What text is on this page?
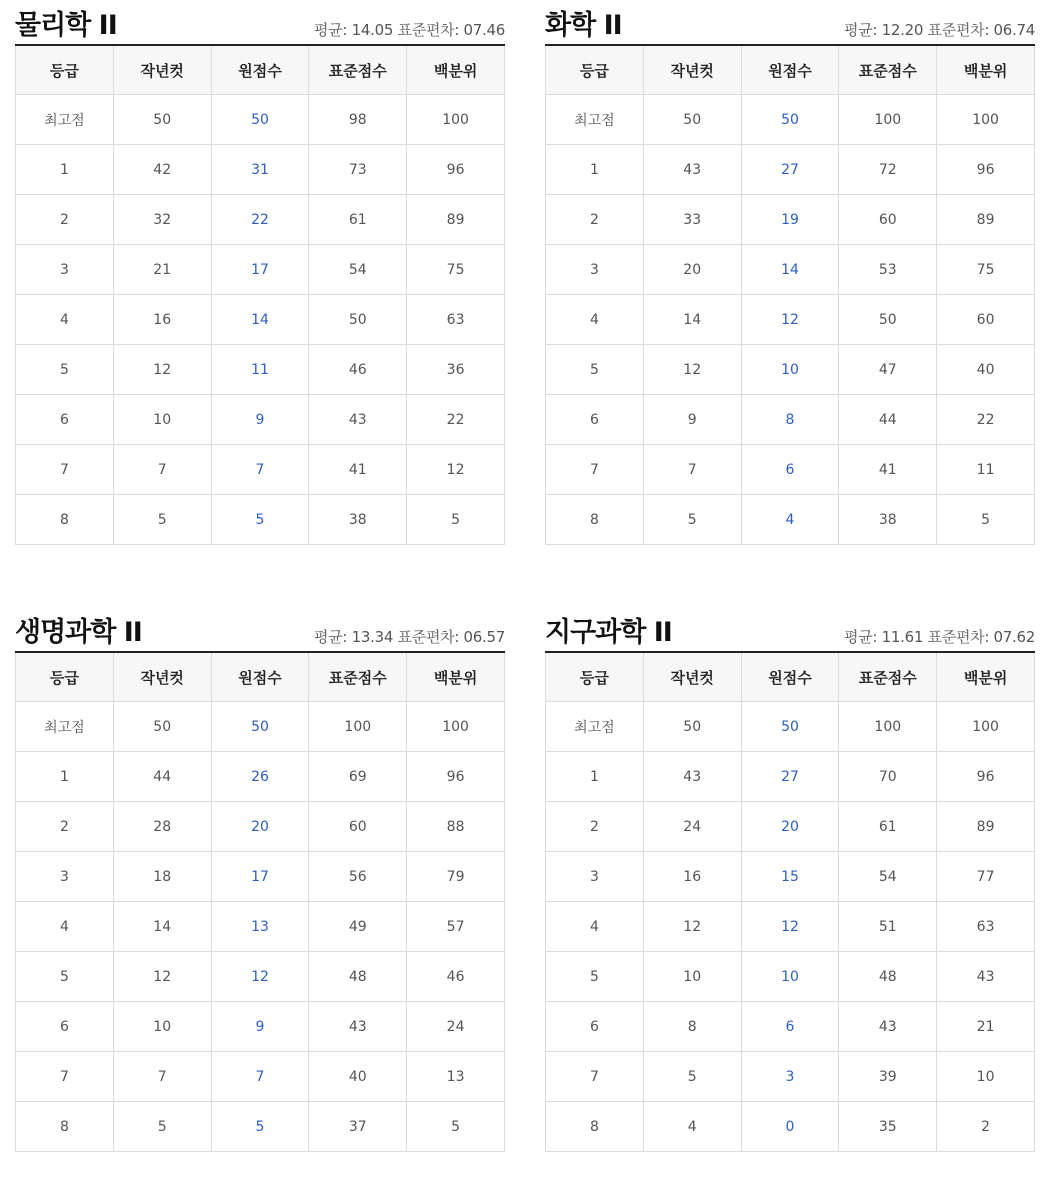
물리학 II	평균: 14.05 표준편차: 07.46
등급	작년컷	원점수	표준점수	백분위
최고점	50	50	98	100
1	42	31	73	96
2	32	22	61	89
3	21	17	54	75
4	16	14	50	63
5	12	11	46	36
6	10	9	43	22
7	7	7	41	12
8	5	5	38	5
화학 II	평균: 12.20 표준편차: 06.74
등급	작년컷	원점수	표준점수	백분위
최고점	50	50	100	100
1	43	27	72	96
2	33	19	60	89
3	20	14	53	75
4	14	12	50	60
5	12	10	47	40
6	9	8	44	22
7	7	6	41	11
8	5	4	38	5
생명과학 II	평균: 13.34 표준편차: 06.57
등급	작년컷	원점수	표준점수	백분위
최고점	50	50	100	100
1	44	26	69	96
2	28	20	60	88
3	18	17	56	79
4	14	13	49	57
5	12	12	48	46
6	10	9	43	24
7	7	7	40	13
8	5	5	37	5
지구과학 II	평균: 11.61 표준편차: 07.62
등급	작년컷	원점수	표준점수	백분위
최고점	50	50	100	100
1	43	27	70	96
2	24	20	61	89
3	16	15	54	77
4	12	12	51	63
5	10	10	48	43
6	8	6	43	21
7	5	3	39	10
8	4	0	35	2
